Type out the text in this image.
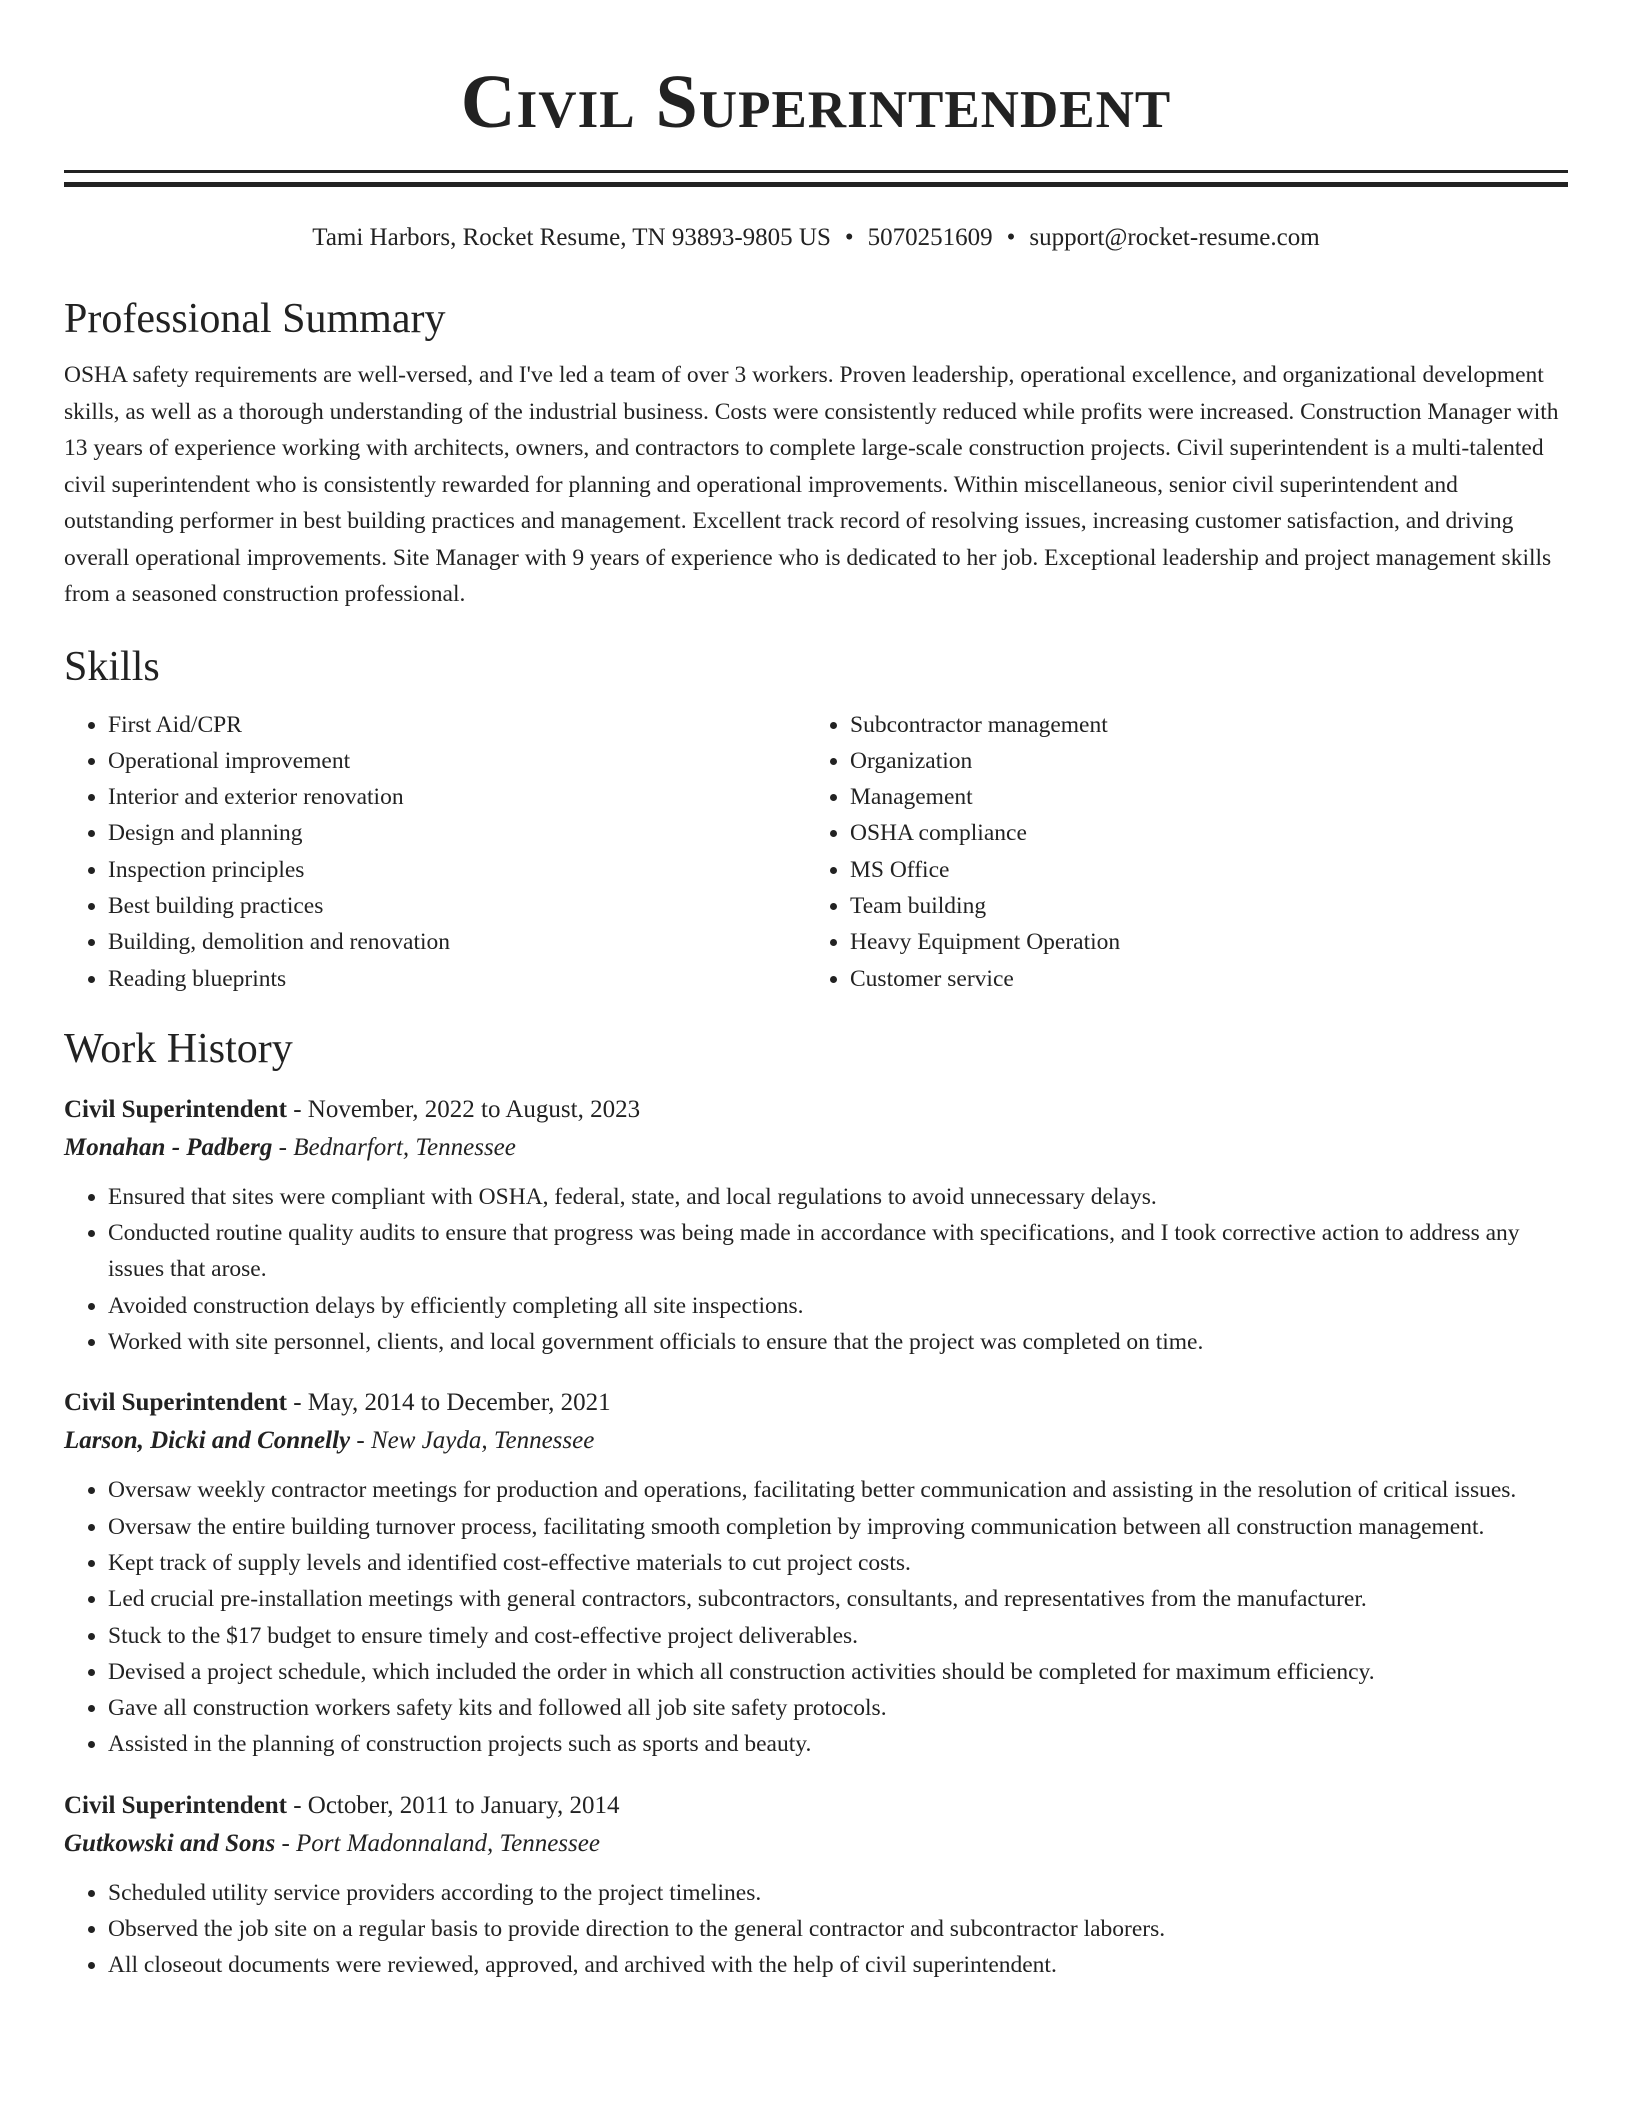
Civil Superintendent
Tami Harbors, Rocket Resume, TN 93893-9805 US • 5070251609 • support@rocket-resume.com
Professional Summary
OSHA safety requirements are well-versed, and I've led a team of over 3 workers. Proven leadership, operational excellence, and organizational development skills, as well as a thorough understanding of the industrial business. Costs were consistently reduced while profits were increased. Construction Manager with 13 years of experience working with architects, owners, and contractors to complete large-scale construction projects. Civil superintendent is a multi-talented civil superintendent who is consistently rewarded for planning and operational improvements. Within miscellaneous, senior civil superintendent and outstanding performer in best building practices and management. Excellent track record of resolving issues, increasing customer satisfaction, and driving overall operational improvements. Site Manager with 9 years of experience who is dedicated to her job. Exceptional leadership and project management skills from a seasoned construction professional.
Skills
• First Aid/CPR
• Operational improvement
• Interior and exterior renovation
• Design and planning
• Inspection principles
• Best building practices
• Building, demolition and renovation
• Reading blueprints
• Subcontractor management
• Organization
• Management
• OSHA compliance
• MS Office
• Team building
• Heavy Equipment Operation
• Customer service
Work History
Civil Superintendent - November, 2022 to August, 2023
Monahan - Padberg - Bednarfort, Tennessee
• Ensured that sites were compliant with OSHA, federal, state, and local regulations to avoid unnecessary delays.
• Conducted routine quality audits to ensure that progress was being made in accordance with specifications, and I took corrective action to address any issues that arose.
• Avoided construction delays by efficiently completing all site inspections.
• Worked with site personnel, clients, and local government officials to ensure that the project was completed on time.
Civil Superintendent - May, 2014 to December, 2021
Larson, Dicki and Connelly - New Jayda, Tennessee
• Oversaw weekly contractor meetings for production and operations, facilitating better communication and assisting in the resolution of critical issues.
• Oversaw the entire building turnover process, facilitating smooth completion by improving communication between all construction management.
• Kept track of supply levels and identified cost-effective materials to cut project costs.
• Led crucial pre-installation meetings with general contractors, subcontractors, consultants, and representatives from the manufacturer.
• Stuck to the $17 budget to ensure timely and cost-effective project deliverables.
• Devised a project schedule, which included the order in which all construction activities should be completed for maximum efficiency.
• Gave all construction workers safety kits and followed all job site safety protocols.
• Assisted in the planning of construction projects such as sports and beauty.
Civil Superintendent - October, 2011 to January, 2014
Gutkowski and Sons - Port Madonnaland, Tennessee
• Scheduled utility service providers according to the project timelines.
• Observed the job site on a regular basis to provide direction to the general contractor and subcontractor laborers.
• All closeout documents were reviewed, approved, and archived with the help of civil superintendent.
